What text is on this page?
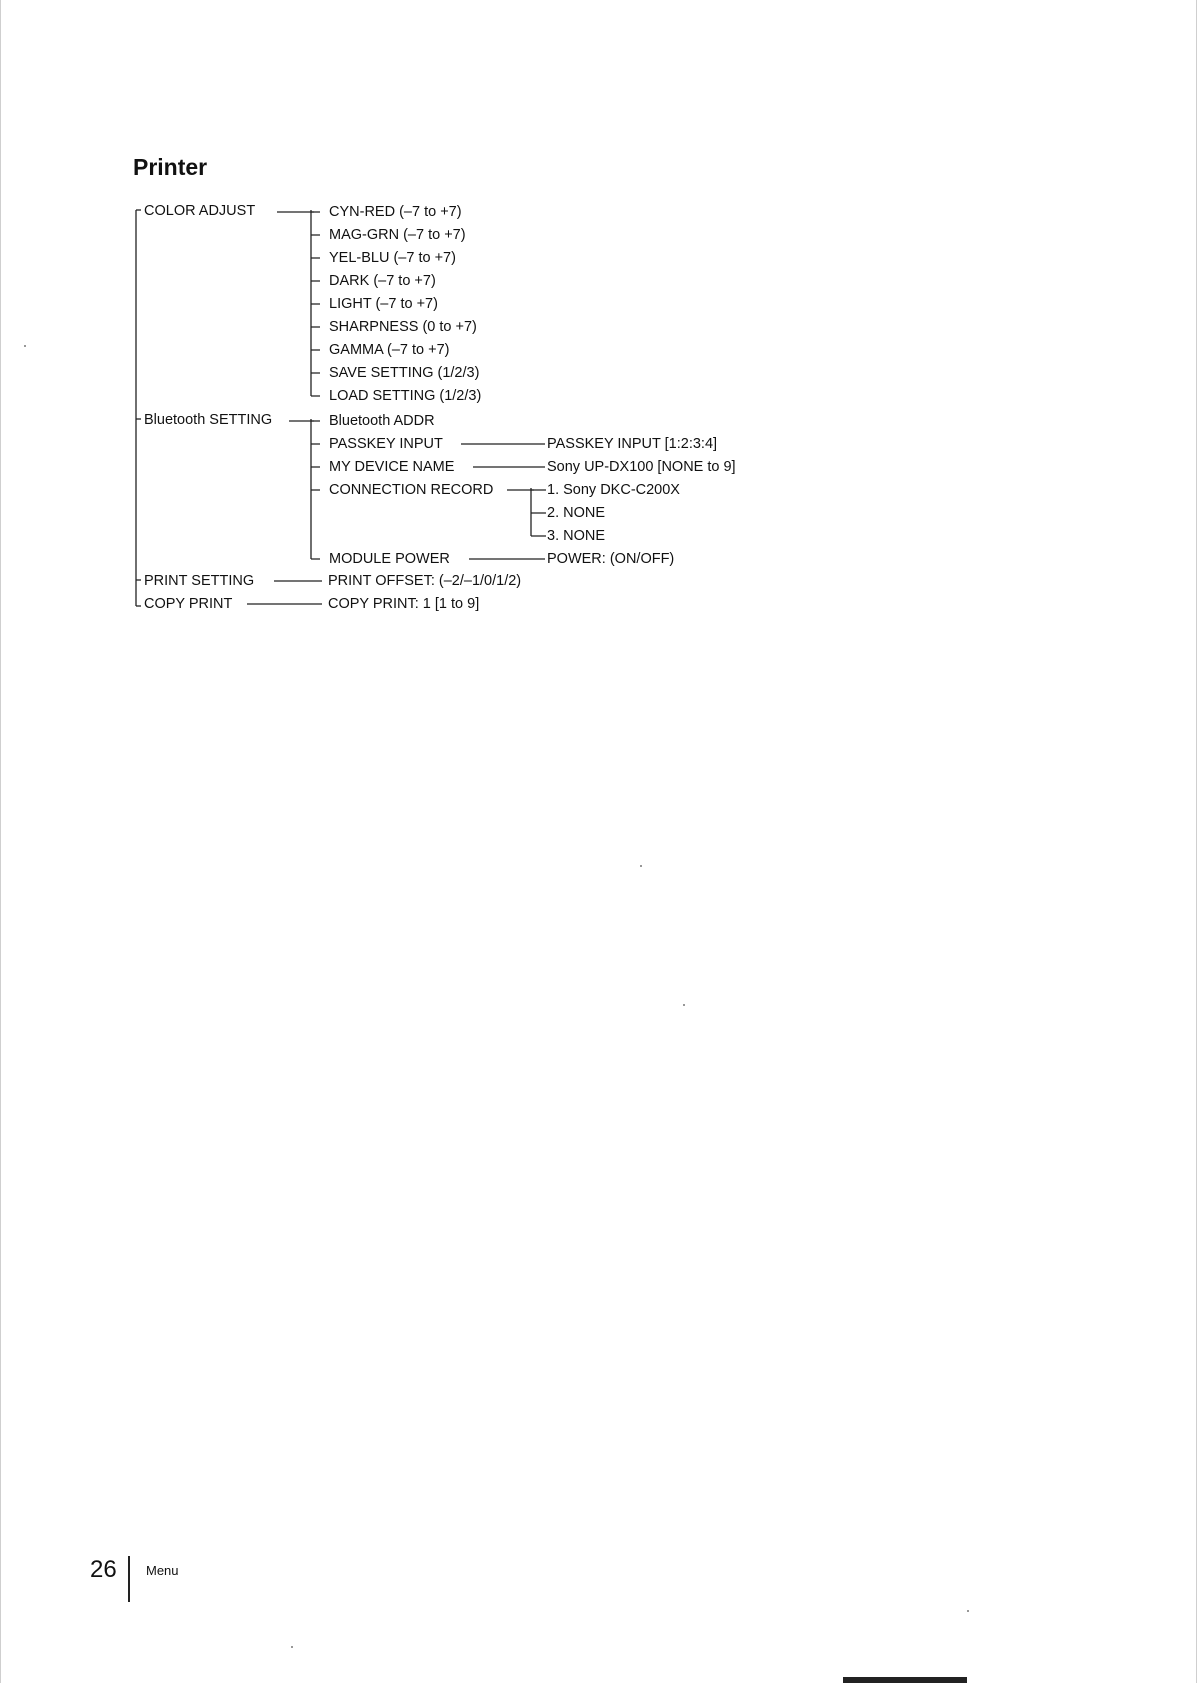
Printer
COLOR ADJUST
Bluetooth SETTING
PRINT SETTING
COPY PRINT
CYN-RED (–7 to +7)
MAG-GRN (–7 to +7)
YEL-BLU (–7 to +7)
DARK (–7 to +7)
LIGHT (–7 to +7)
SHARPNESS (0 to +7)
GAMMA (–7 to +7)
SAVE SETTING (1/2/3)
LOAD SETTING (1/2/3)
Bluetooth ADDR
PASSKEY INPUT
MY DEVICE NAME
CONNECTION RECORD
MODULE POWER
PASSKEY INPUT [1:2:3:4]
Sony UP-DX100 [NONE to 9]
1. Sony DKC-C200X
2. NONE
3. NONE
POWER: (ON/OFF)
PRINT OFFSET: (–2/–1/0/1/2)
COPY PRINT: 1 [1 to 9]
26 Menu
